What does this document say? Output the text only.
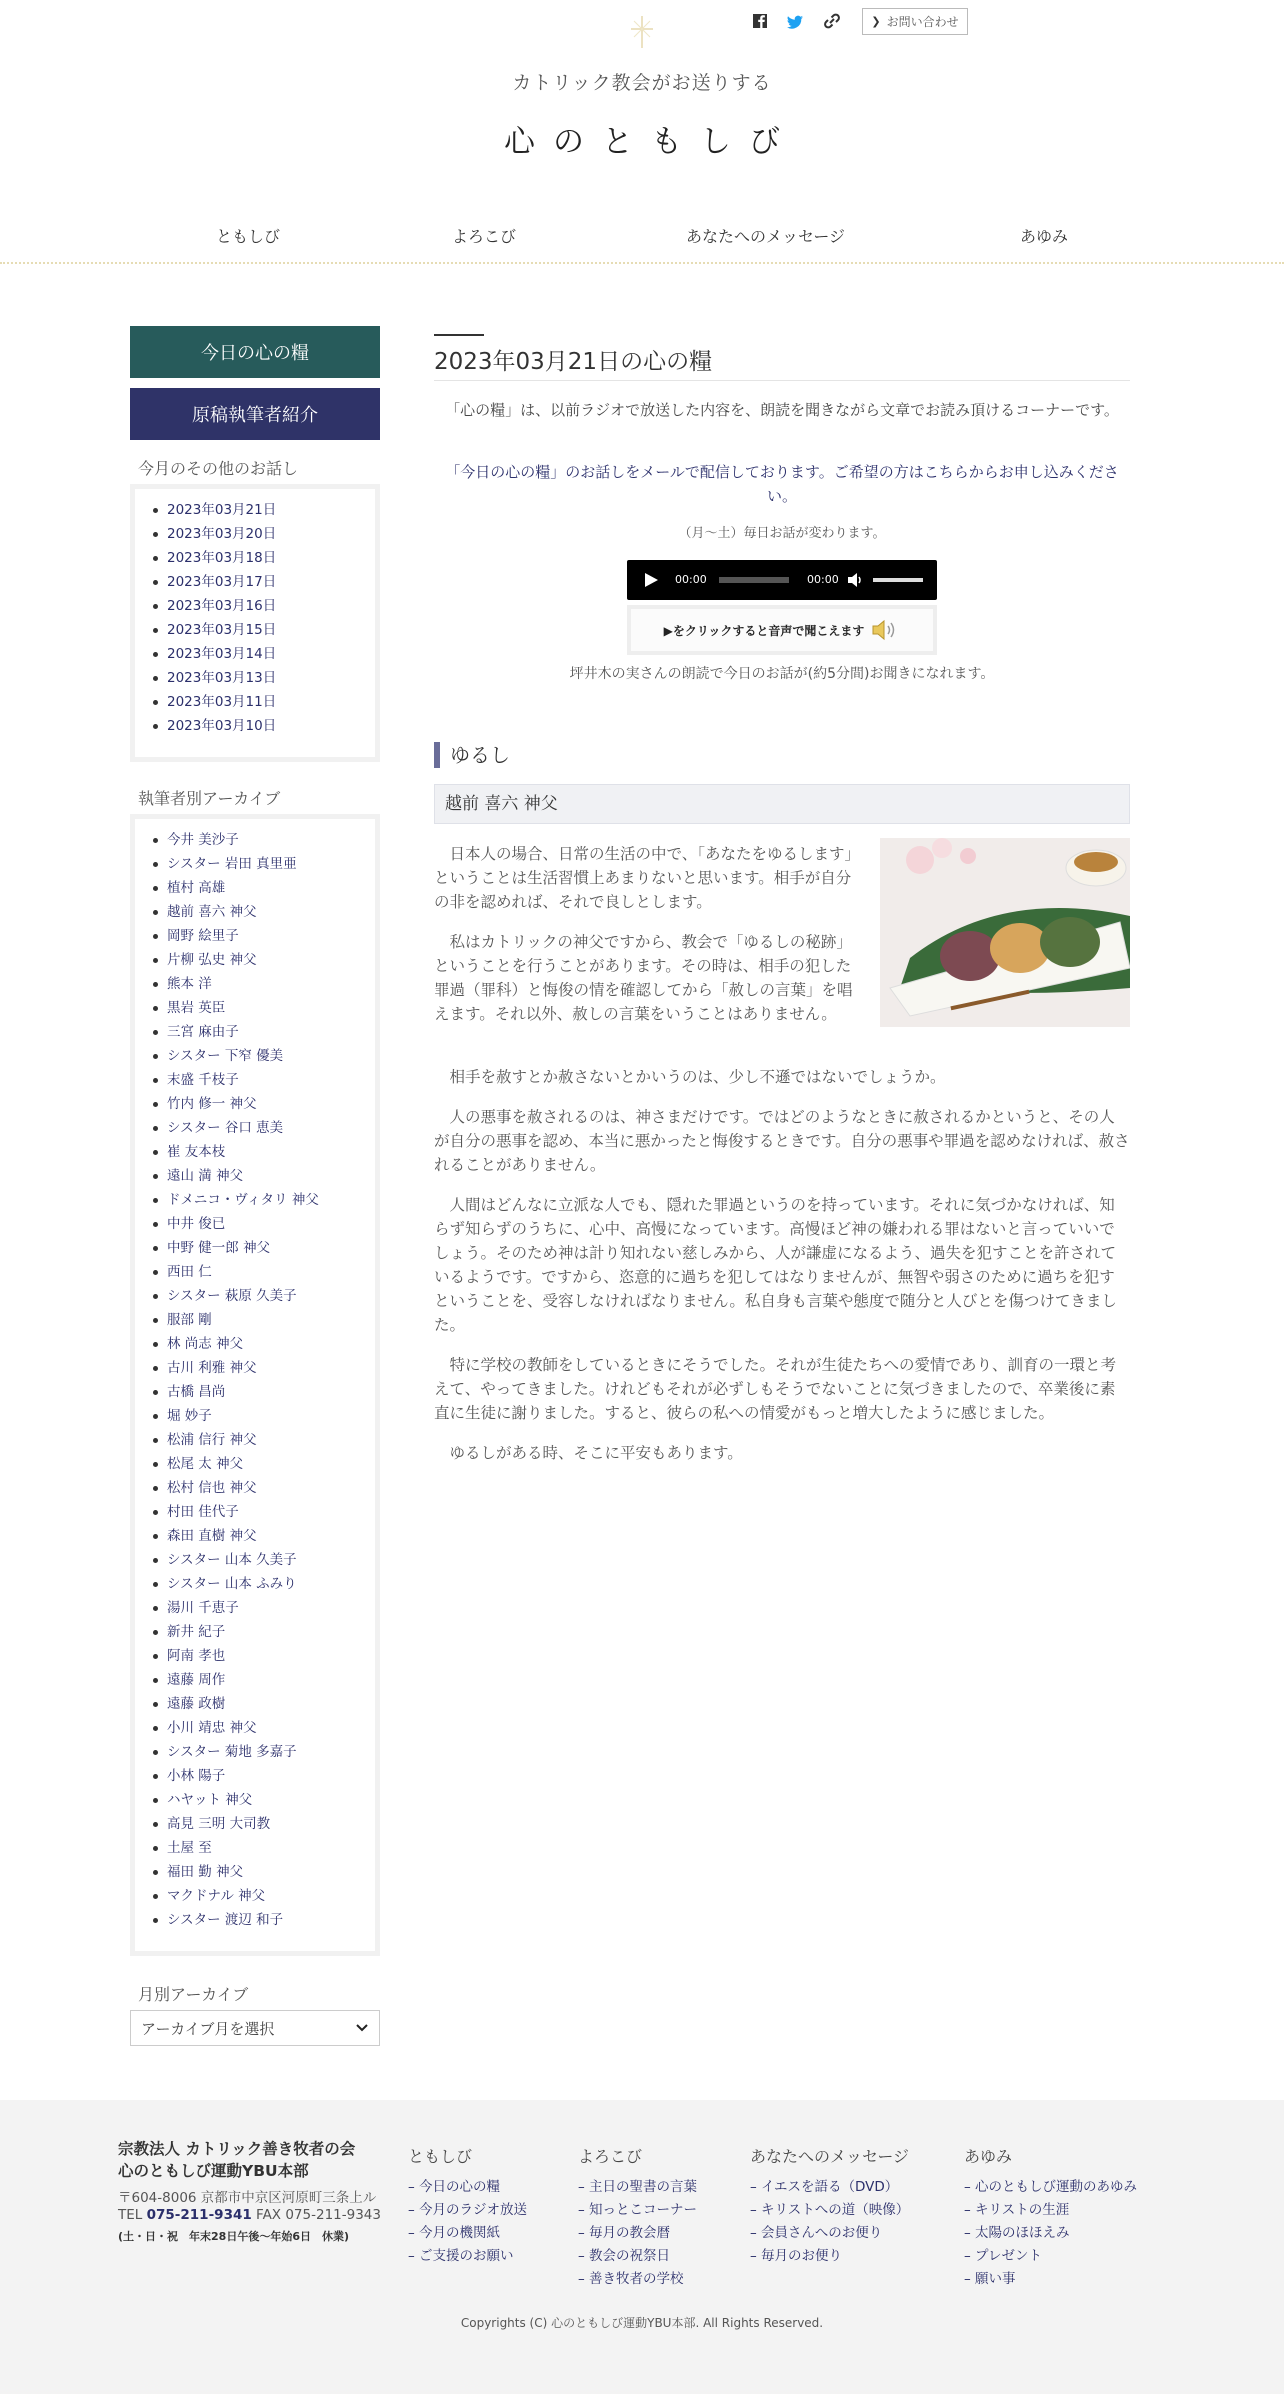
❯ お問い合わせ
カトリック教会がお送りする
心のともしび
ともしび	よろこび	あなたへのメッセージ	あゆみ
今日の心の糧
原稿執筆者紹介
今月のその他のお話し
2023年03月21日
2023年03月20日
2023年03月18日
2023年03月17日
2023年03月16日
2023年03月15日
2023年03月14日
2023年03月13日
2023年03月11日
2023年03月10日
執筆者別アーカイブ
今井 美沙子
シスター 岩田 真里亜
植村 高雄
越前 喜六 神父
岡野 絵里子
片柳 弘史 神父
熊本 洋
黒岩 英臣
三宮 麻由子
シスター 下窄 優美
末盛 千枝子
竹内 修一 神父
シスター 谷口 恵美
崔 友本枝
遠山 満 神父
ドメニコ・ヴィタリ 神父
中井 俊已
中野 健一郎 神父
西田 仁
シスター 萩原 久美子
服部 剛
林 尚志 神父
古川 利雅 神父
古橋 昌尚
堀 妙子
松浦 信行 神父
松尾 太 神父
松村 信也 神父
村田 佳代子
森田 直樹 神父
シスター 山本 久美子
シスター 山本 ふみり
湯川 千恵子
新井 紀子
阿南 孝也
遠藤 周作
遠藤 政樹
小川 靖忠 神父
シスター 菊地 多嘉子
小林 陽子
ハヤット 神父
高見 三明 大司教
土屋 至
福田 勤 神父
マクドナル 神父
シスター 渡辺 和子
月別アーカイブ
アーカイブ月を選択
2023年03月21日の心の糧
「心の糧」は、以前ラジオで放送した内容を、朗読を聞きながら文章でお読み頂けるコーナーです。
「今日の心の糧」のお話しをメールで配信しております。ご希望の方はこちらからお申し込みください。
（月～土）毎日お話が変わります。
00:00	00:00
▶をクリックすると音声で聞こえます
坪井木の実さんの朗読で今日のお話が(約5分間)お聞きになれます。
ゆるし
越前 喜六 神父
日本人の場合、日常の生活の中で、「あなたをゆるします」ということは生活習慣上あまりないと思います。相手が自分の非を認めれば、それで良しとします。
私はカトリックの神父ですから、教会で「ゆるしの秘跡」ということを行うことがあります。その時は、相手の犯した罪過（罪科）と悔俊の情を確認してから「赦しの言葉」を唱えます。それ以外、赦しの言葉をいうことはありません。
相手を赦すとか赦さないとかいうのは、少し不遜ではないでしょうか。
人の悪事を赦されるのは、神さまだけです。ではどのようなときに赦されるかというと、その人が自分の悪事を認め、本当に悪かったと悔俊するときです。自分の悪事や罪過を認めなければ、赦されることがありません。
人間はどんなに立派な人でも、隠れた罪過というのを持っています。それに気づかなければ、知らず知らずのうちに、心中、高慢になっています。高慢ほど神の嫌われる罪はないと言っていいでしょう。そのため神は計り知れない慈しみから、人が謙虚になるよう、過失を犯すことを許されているようです。ですから、恣意的に過ちを犯してはなりませんが、無智や弱さのために過ちを犯すということを、受容しなければなりません。私自身も言葉や態度で随分と人びとを傷つけてきました。
特に学校の教師をしているときにそうでした。それが生徒たちへの愛情であり、訓育の一環と考えて、やってきました。けれどもそれが必ずしもそうでないことに気づきましたので、卒業後に素直に生徒に謝りました。すると、彼らの私への情愛がもっと増大したように感じました。
ゆるしがある時、そこに平安もあります。
宗教法人 カトリック善き牧者の会
心のともしび運動YBU本部
〒604-8006 京都市中京区河原町三条上ル
TEL 075-211-9341 FAX 075-211-9343
(土・日・祝　年末28日午後～年始6日　休業)
ともしび
– 今日の心の糧
– 今月のラジオ放送
– 今月の機関紙
– ご支援のお願い
よろこび
– 主日の聖書の言葉
– 知っとこコーナー
– 毎月の教会暦
– 教会の祝祭日
– 善き牧者の学校
あなたへのメッセージ
– イエスを語る（DVD）
– キリストへの道（映像）
– 会員さんへのお便り
– 毎月のお便り
あゆみ
– 心のともしび運動のあゆみ
– キリストの生涯
– 太陽のほほえみ
– プレゼント
– 願い事
Copyrights (C) 心のともしび運動YBU本部. All Rights Reserved.
